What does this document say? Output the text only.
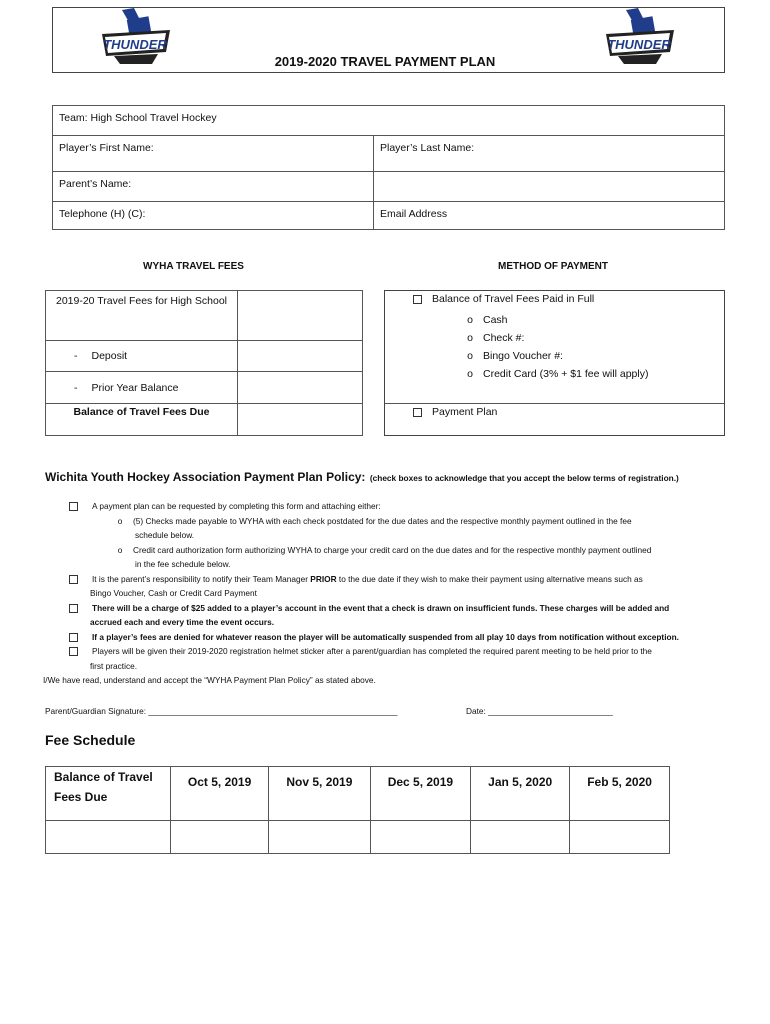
THUNDER	THUNDER
2019-2020 TRAVEL PAYMENT PLAN
Team: High School Travel Hockey	
Player’s First Name:	Player’s Last Name:
Parent’s Name:	
Telephone (H) (C):	Email Address
WYHA TRAVEL FEES	METHOD OF PAYMENT
2019-20 Travel Fees for High School	
- Deposit	
- Prior Year Balance	
Balance of Travel Fees Due	
Balance of Travel Fees Paid in Full
o Cash
o Check #:
o Bingo Voucher #:
o Credit Card (3% + $1 fee will apply)
Payment Plan
Wichita Youth Hockey Association Payment Plan Policy: (check boxes to acknowledge that you accept the below terms of registration.)
A payment plan can be requested by completing this form and attaching either:
o (5) Checks made payable to WYHA with each check postdated for the due dates and the respective monthly payment outlined in the fee
schedule below.
o Credit card authorization form authorizing WYHA to charge your credit card on the due dates and for the respective monthly payment outlined
in the fee schedule below.
It is the parent’s responsibility to notify their Team Manager PRIOR to the due date if they wish to make their payment using alternative means such as
Bingo Voucher, Cash or Credit Card Payment
There will be a charge of $25 added to a player’s account in the event that a check is drawn on insufficient funds. These charges will be added and
accrued each and every time the event occurs.
If a player’s fees are denied for whatever reason the player will be automatically suspended from all play 10 days from notification without exception.
Players will be given their 2019-2020 registration helmet sticker after a parent/guardian has completed the required parent meeting to be held prior to the
first practice.
I/We have read, understand and accept the “WYHA Payment Plan Policy” as stated above.
Parent/Guardian Signature: ______________________________________________________	Date: ___________________________
Fee Schedule
Balance of Travel Fees Due	Oct 5, 2019	Nov 5, 2019	Dec 5, 2019	Jan 5, 2020	Feb 5, 2020
